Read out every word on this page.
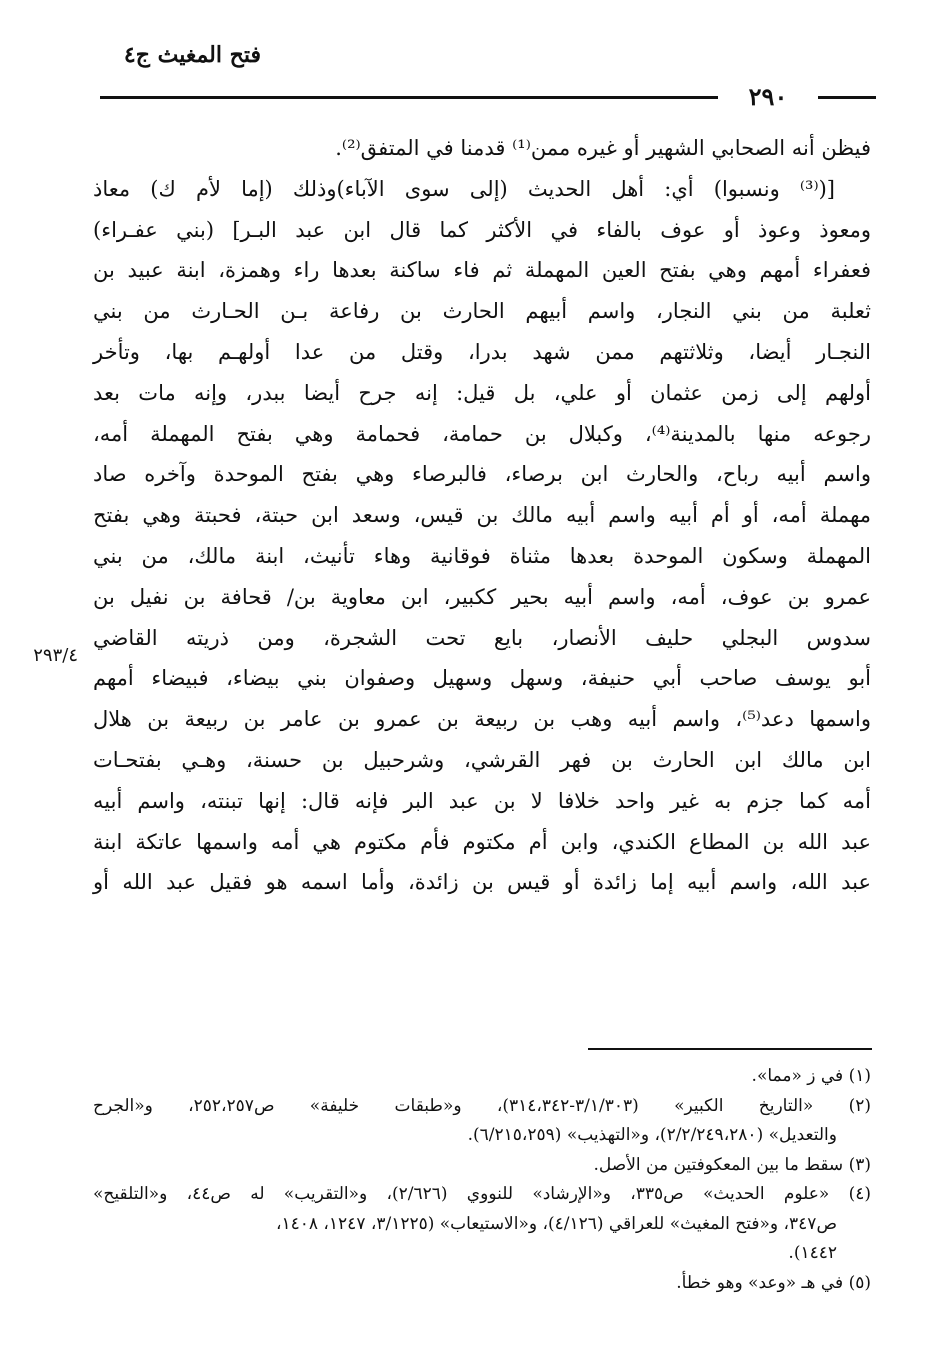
فتح المغيث ج٤
٢٩٠
فيظن أنه الصحابي الشهير أو غيره ممن⁽¹⁾ قدمنا في المتفق⁽²⁾.
[(⁽³⁾ ونسبوا) أي: أهل الحديث (إلى سوى الآباء)وذلك (إما لأم ك) معاذ
ومعوذ وعوذ أو عوف بالفاء في الأكثر كما قال ابن عبد البـر] (بني عفـراء)
فعفراء أمهم وهي بفتح العين المهملة ثم فاء ساكنة بعدها راء وهمزة، ابنة عبيد بن
ثعلبة من بني النجار، واسم أبيهم الحارث بن رفاعة بـن الحـارث من بني
النجـار أيضا، وثلاثتهم ممن شهد بدرا، وقتل من عدا أولهـم بها، وتأخر
أولهم إلى زمن عثمان أو علي، بل قيل: إنه جرح أيضا ببدر، وإنه مات بعد
رجوعه منها بالمدينة⁽⁴⁾، وكبلال بن حمامة، فحمامة وهي بفتح المهملة أمه،
واسم أبيه رباح، والحارث ابن برصاء، فالبرصاء وهي بفتح الموحدة وآخره صاد
مهملة أمه، أو أم أبيه واسم أبيه مالك بن قيس، وسعد ابن حبتة، فحبتة وهي بفتح
المهملة وسكون الموحدة بعدها مثناة فوقانية وهاء تأنيث، ابنة مالك، من بني
عمرو بن عوف، أمه، واسم أبيه بحير ككبير، ابن معاوية بن/ قحافة بن نفيل بن
سدوس البجلي حليف الأنصار، بايع تحت الشجرة، ومن ذريته القاضي
أبو يوسف صاحب أبي حنيفة، وسهل وسهيل وصفوان بني بيضاء، فبيضاء أمهم
واسمها دعد⁽⁵⁾، واسم أبيه وهب بن ربيعة بن عمرو بن عامر بن ربيعة بن هلال
ابن مالك ابن الحارث بن فهر القرشي، وشرحبيل بن حسنة، وهـي بفتحـات
أمه كما جزم به غير واحد خلافا لا بن عبد البر فإنه قال: إنها تبنته، واسم أبيه
عبد الله بن المطاع الكندي، وابن أم مكتوم فأم مكتوم هي أمه واسمها عاتكة ابنة
عبد الله، واسم أبيه إما زائدة أو قيس بن زائدة، وأما اسمه هو فقيل عبد الله أو
٢٩٣/٤
(١) في ز «مما».
(٢) «التاريخ الكبير» (٣/١/٣٠٣-٣١٤،٣٤٢)، و«طبقات خليفة» ص٢٥٢،٢٥٧، و«الجرح
والتعديل» (٢/٢/٢٤٩،٢٨٠)، و«التهذيب» (٦/٢١٥،٢٥٩).
(٣) سقط ما بين المعكوفتين من الأصل.
(٤) «علوم الحديث» ص٣٣٥، و«الإرشاد» للنووي (٢/٦٢٦)، و«التقريب» له ص٤٤، و«التلقيح»
ص٣٤٧، و«فتح المغيث» للعراقي (٤/١٢٦)، و«الاستيعاب» (٣/١٢٢٥، ١٢٤٧، ١٤٠٨،
١٤٤٢).
(٥) في هـ «وعد» وهو خطأ.
